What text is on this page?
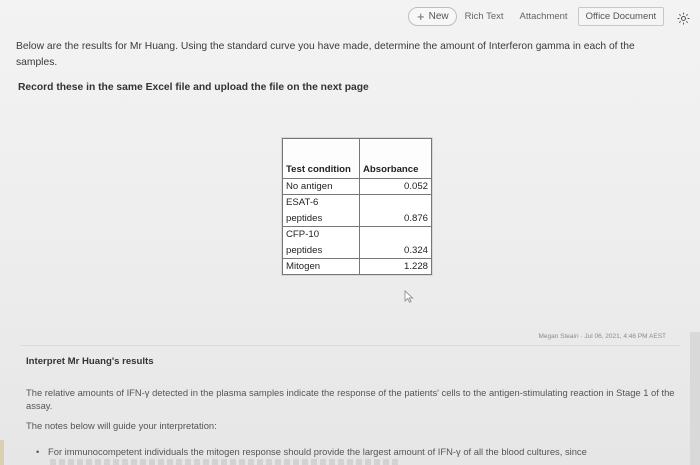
+ New	Rich Text	Attachment	Office Document

Below are the results for Mr Huang. Using the standard curve you have made, determine the amount of Interferon gamma in each of the samples.

Record these in the same Excel file and upload the file on the next page

Test condition	Absorbance
No antigen	0.052
ESAT-6	
peptides	0.876
CFP-10	
peptides	0.324
Mitogen	1.228
Megan Steain · Jul 06, 2021, 4:46 PM AEST
Interpret Mr Huang's results

The relative amounts of IFN-γ detected in the plasma samples indicate the response of the patients' cells to the antigen-stimulating reaction in Stage 1 of the assay.

The notes below will guide your interpretation:

• For immunocompetent individuals the mitogen response should provide the largest amount of IFN-γ of all the blood cultures, since
